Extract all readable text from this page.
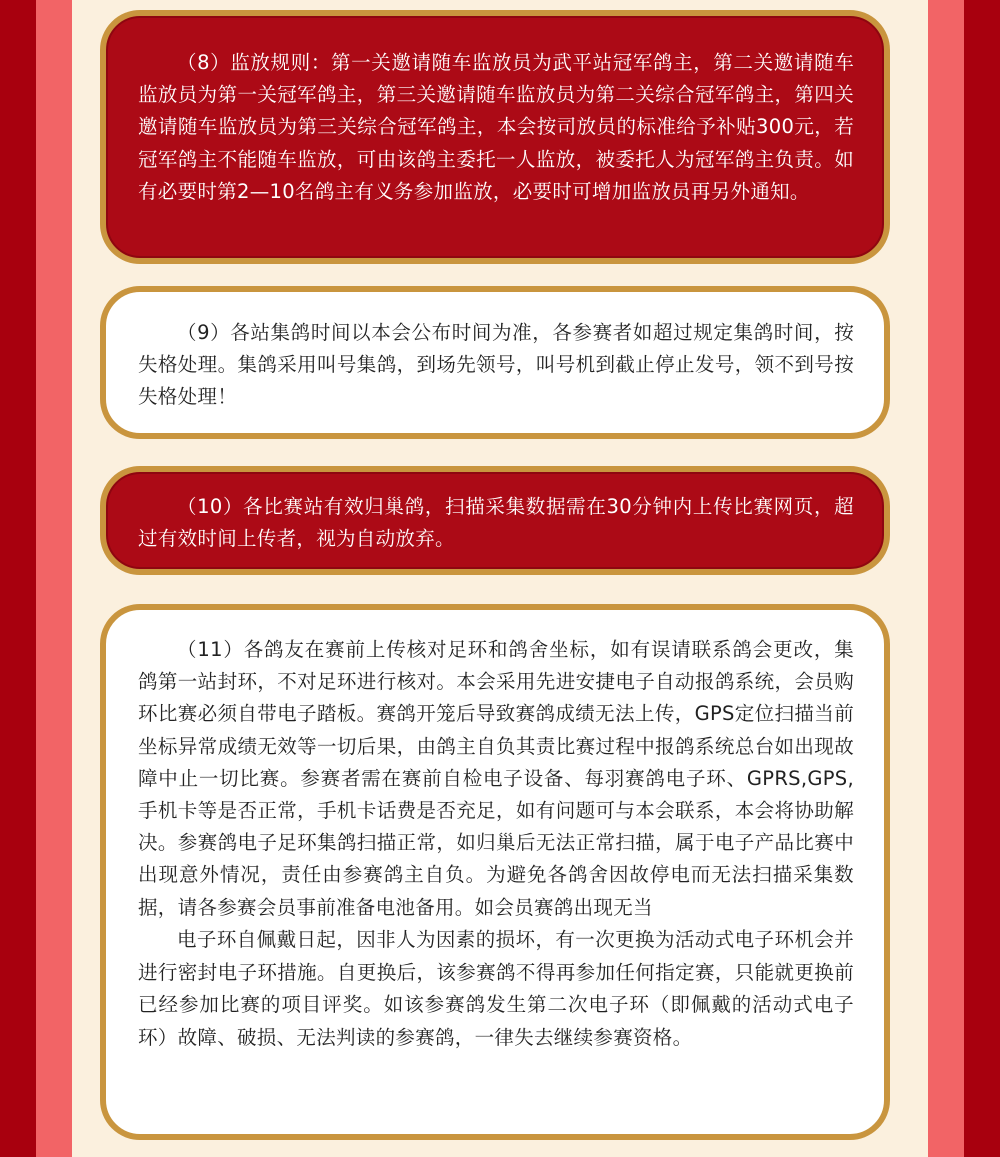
（8）监放规则：第一关邀请随车监放员为武平站冠军鸽主，第二关邀请随车监放员为第一关冠军鸽主，第三关邀请随车监放员为第二关综合冠军鸽主，第四关邀请随车监放员为第三关综合冠军鸽主，本会按司放员的标准给予补贴300元，若冠军鸽主不能随车监放，可由该鸽主委托一人监放，被委托人为冠军鸽主负责。如有必要时第2—10名鸽主有义务参加监放，必要时可增加监放员再另外通知。

（9）各站集鸽时间以本会公布时间为准，各参赛者如超过规定集鸽时间，按失格处理。集鸽采用叫号集鸽，到场先领号，叫号机到截止停止发号，领不到号按失格处理！

（10）各比赛站有效归巢鸽，扫描采集数据需在30分钟内上传比赛网页，超过有效时间上传者，视为自动放弃。

（11）各鸽友在赛前上传核对足环和鸽舍坐标，如有误请联系鸽会更改，集鸽第一站封环，不对足环进行核对。本会采用先进安捷电子自动报鸽系统，会员购环比赛必须自带电子踏板。赛鸽开笼后导致赛鸽成绩无法上传，GPS定位扫描当前坐标异常成绩无效等一切后果，由鸽主自负其责比赛过程中报鸽系统总台如出现故障中止一切比赛。参赛者需在赛前自检电子设备、每羽赛鸽电子环、GPRS,GPS,手机卡等是否正常，手机卡话费是否充足，如有问题可与本会联系，本会将协助解决。参赛鸽电子足环集鸽扫描正常，如归巢后无法正常扫描，属于电子产品比赛中出现意外情况，责任由参赛鸽主自负。为避免各鸽舍因故停电而无法扫描采集数据，请各参赛会员事前准备电池备用。如会员赛鸽出现无当

电子环自佩戴日起，因非人为因素的损坏，有一次更换为活动式电子环机会并进行密封电子环措施。自更换后，该参赛鸽不得再参加任何指定赛，只能就更换前已经参加比赛的项目评奖。如该参赛鸽发生第二次电子环（即佩戴的活动式电子环）故障、破损、无法判读的参赛鸽，一律失去继续参赛资格。
